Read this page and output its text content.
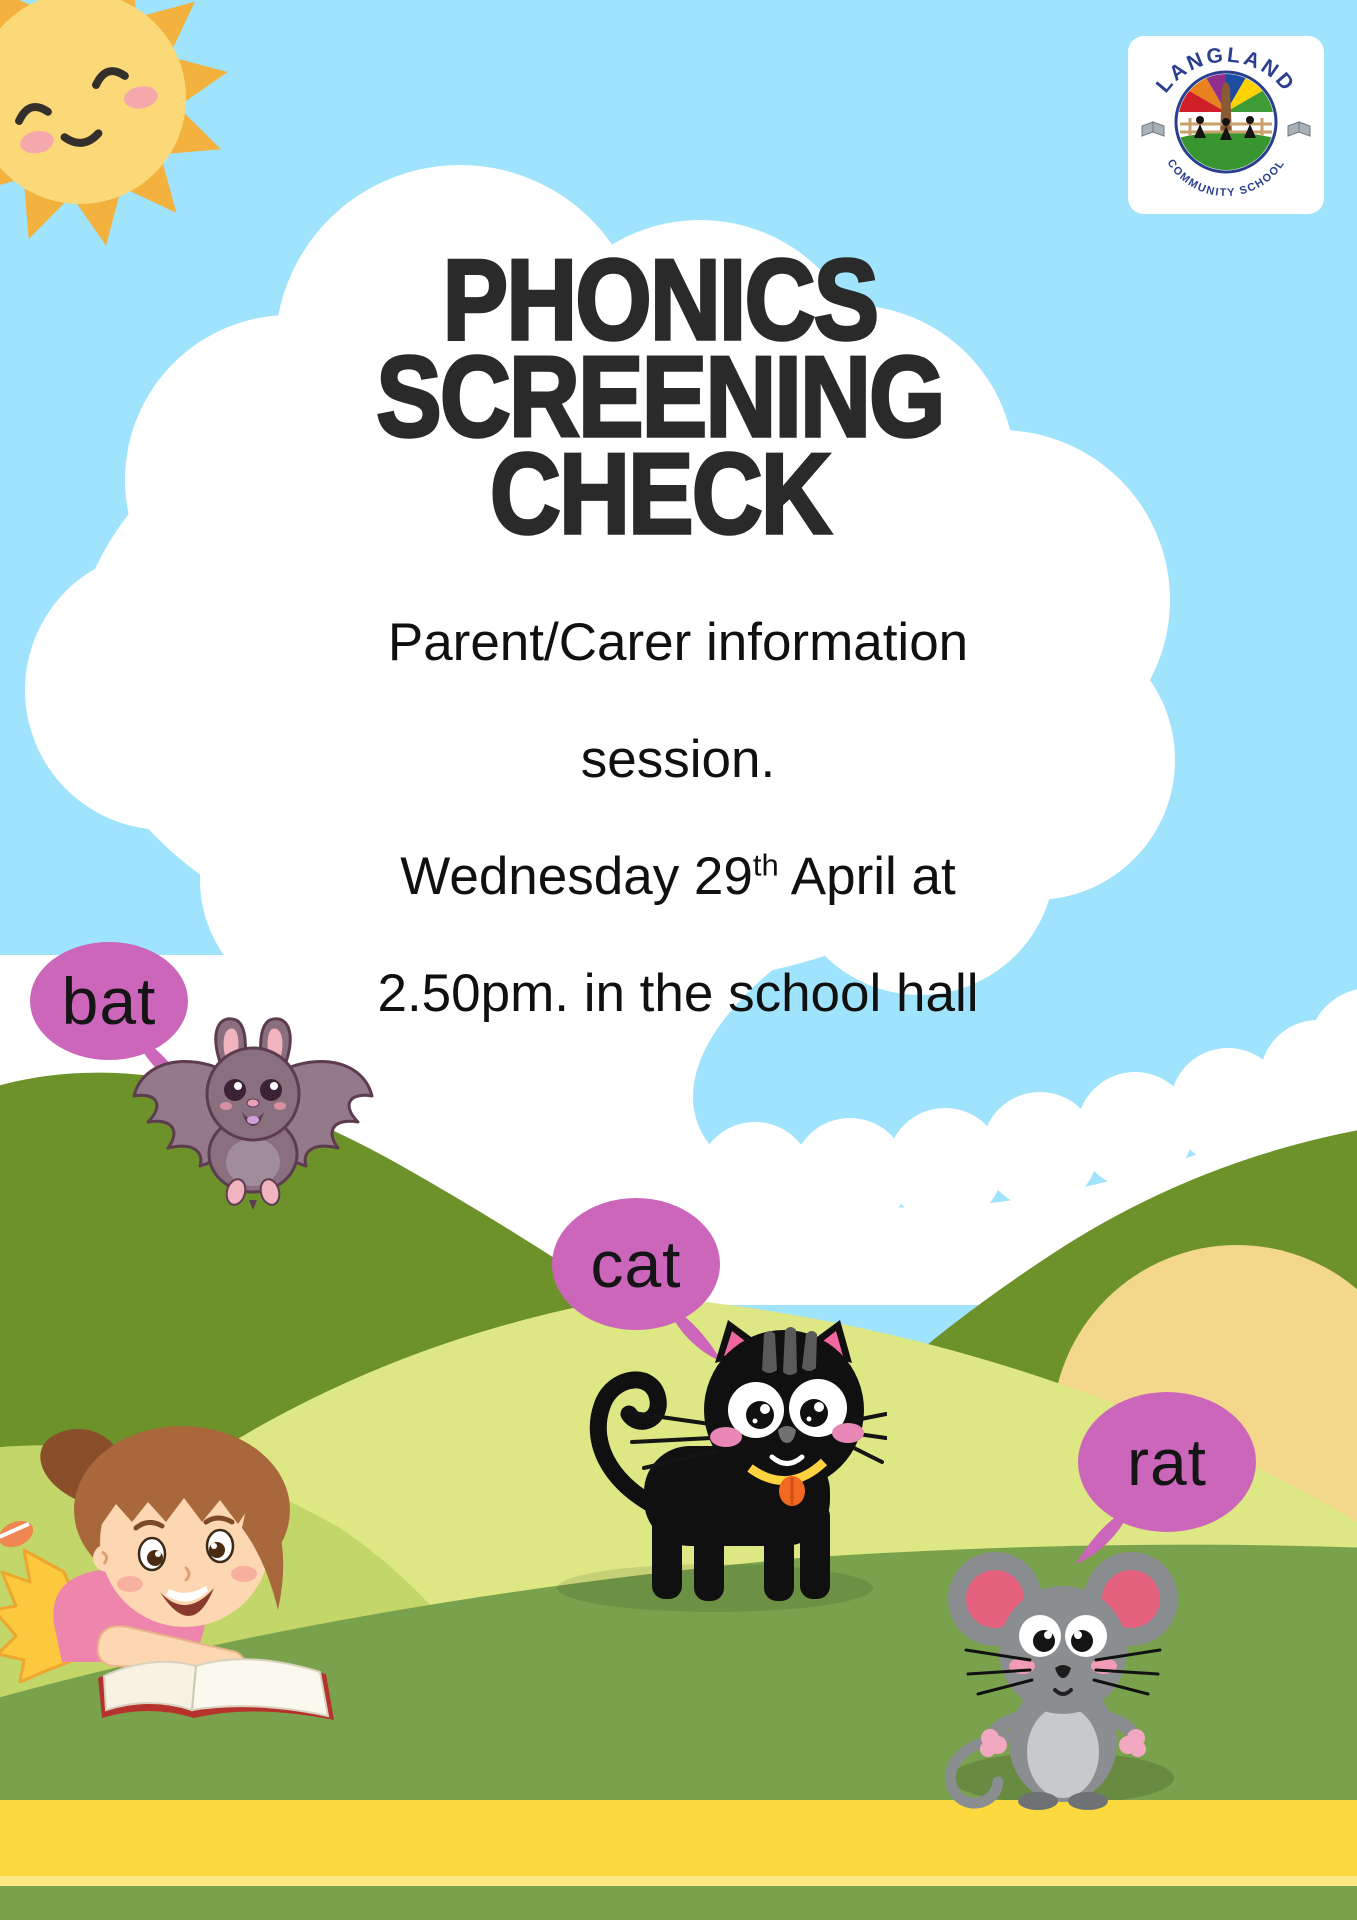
LANGLAND
COMMUNITY SCHOOL
PHONICS
SCREENING
CHECK
Parent/Carer information
session.
Wednesday 29th April at
2.50pm. in the school hall
bat
cat
rat
